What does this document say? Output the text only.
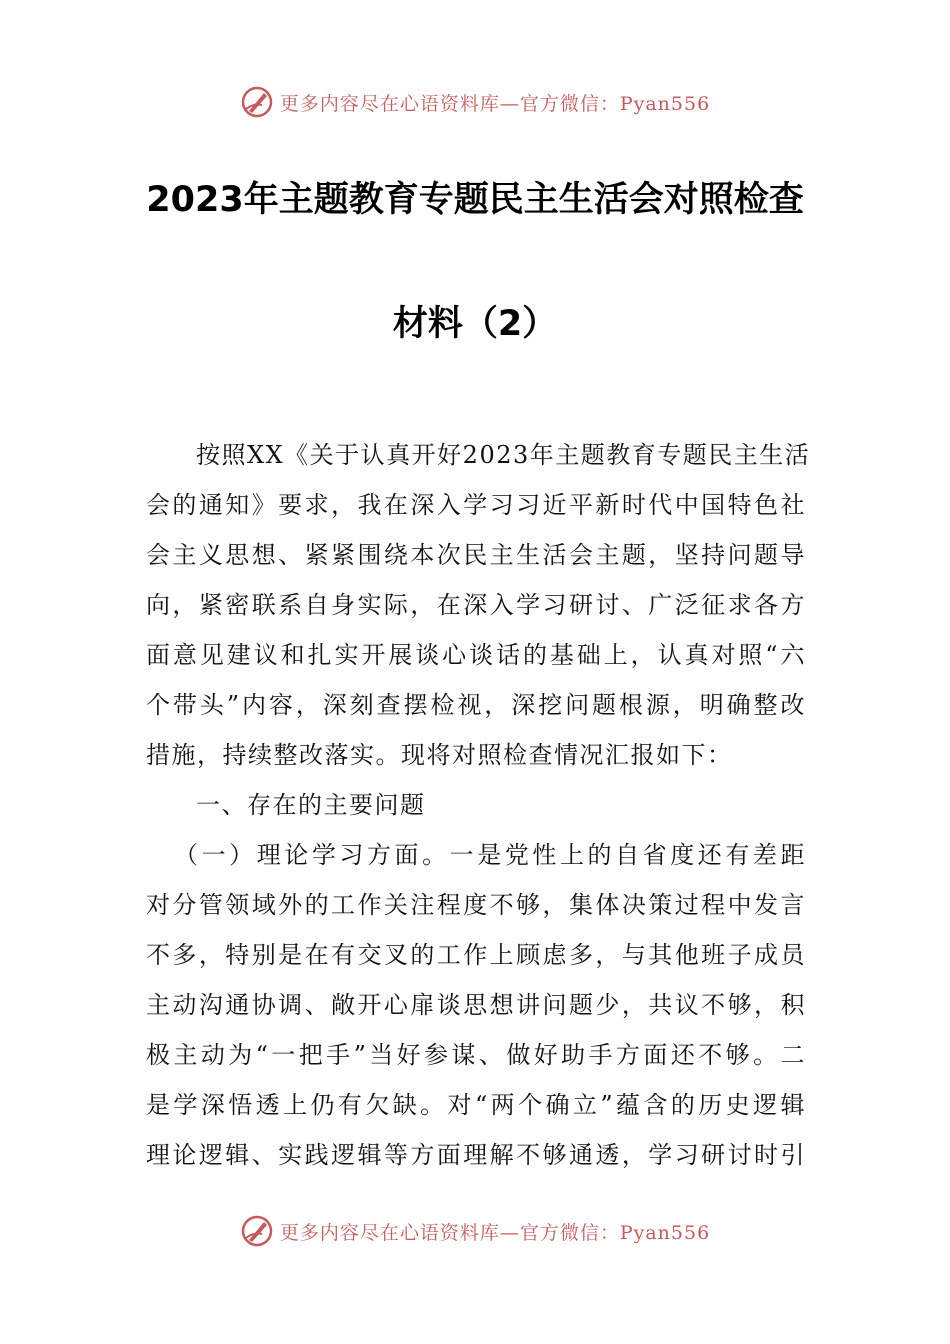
更多内容尽在心语资料库—官方微信：Pyan556
2023年主题教育专题民主生活会对照检查
材料（2）
按照XX《关于认真开好2023年主题教育专题民主生活
会的通知》要求，我在深入学习习近平新时代中国特色社
会主义思想、紧紧围绕本次民主生活会主题，坚持问题导
向，紧密联系自身实际，在深入学习研讨、广泛征求各方
面意见建议和扎实开展谈心谈话的基础上，认真对照“六
个带头”内容，深刻查摆检视，深挖问题根源，明确整改
措施，持续整改落实。现将对照检查情况汇报如下：
一、存在的主要问题
（一）理论学习方面。一是党性上的自省度还有差距
对分管领域外的工作关注程度不够，集体决策过程中发言
不多，特别是在有交叉的工作上顾虑多，与其他班子成员
主动沟通协调、敞开心扉谈思想讲问题少，共议不够，积
极主动为“一把手”当好参谋、做好助手方面还不够。二
是学深悟透上仍有欠缺。对“两个确立”蕴含的历史逻辑
理论逻辑、实践逻辑等方面理解不够通透，学习研讨时引
更多内容尽在心语资料库—官方微信：Pyan556
